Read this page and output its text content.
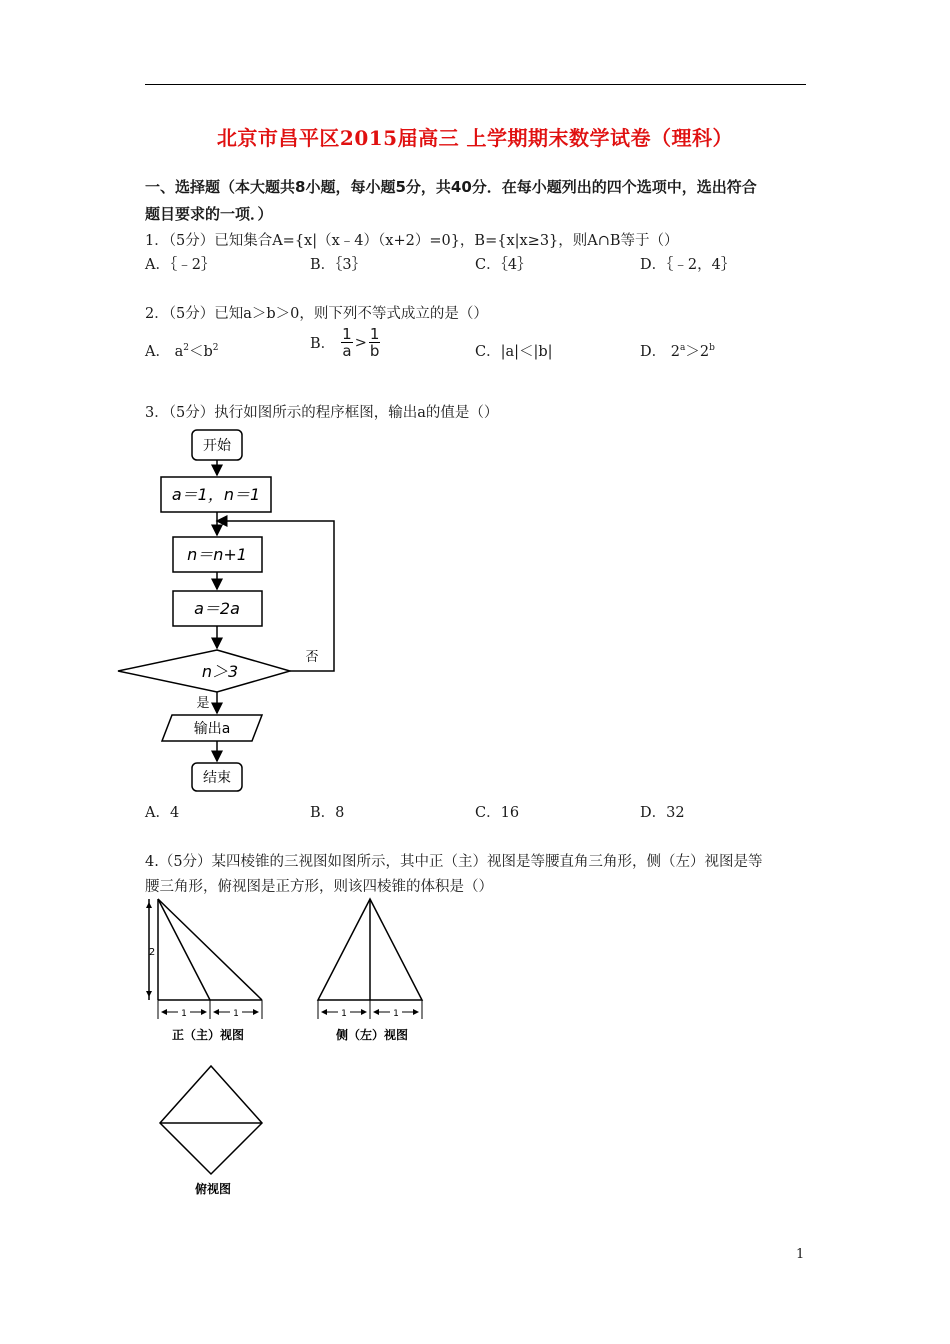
北京市昌平区2015届高三 上学期期末数学试卷（理科）
一、选择题（本大题共8小题，每小题5分，共40分．在每小题列出的四个选项中，选出符合
题目要求的一项．）
1．（5分）已知集合A={x|（x﹣4）（x+2）=0}，B={x|x≥3}，则A∩B等于（）
A．｛﹣2｝	B．｛3｝	C．｛4｝	D．｛﹣2，4｝
2．（5分）已知a＞b＞0，则下列不等式成立的是（）
A． $a^2<b^2$	B． $\frac{1}{a} > \frac{1}{b}$	C．|a|＜|b|	D． $2^a>2^b$
3．（5分）执行如图所示的程序框图，输出a的值是（）
开始
a＝1，n＝1
n＝n+1
a＝2a
n＞3
是
否
输出a
结束
A．4	B．8	C．16	D．32
4.（5分）某四棱锥的三视图如图所示，其中正（主）视图是等腰直角三角形，侧（左）视图是等
腰三角形，俯视图是正方形，则该四棱锥的体积是（）
2
1	1
正（主）视图
1	1
侧（左）视图
俯视图
1
